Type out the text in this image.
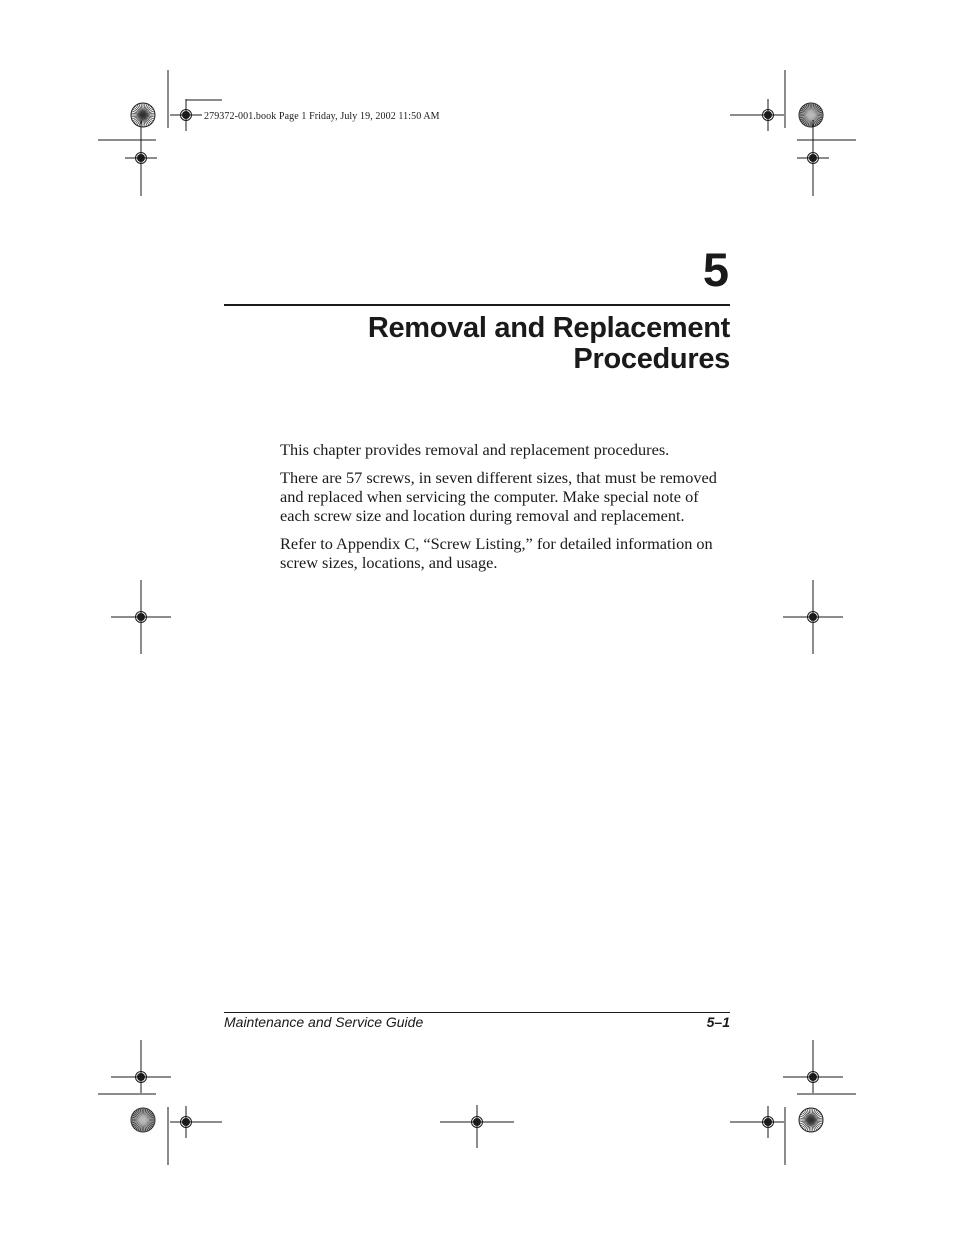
279372-001.book Page 1 Friday, July 19, 2002 11:50 AM
5
Removal and Replacement
Procedures

This chapter provides removal and replacement procedures.

There are 57 screws, in seven different sizes, that must be removed and replaced when servicing the computer. Make special note of each screw size and location during removal and replacement.

Refer to Appendix C, “Screw Listing,” for detailed information on screw sizes, locations, and usage.

Maintenance and Service Guide	5–1
